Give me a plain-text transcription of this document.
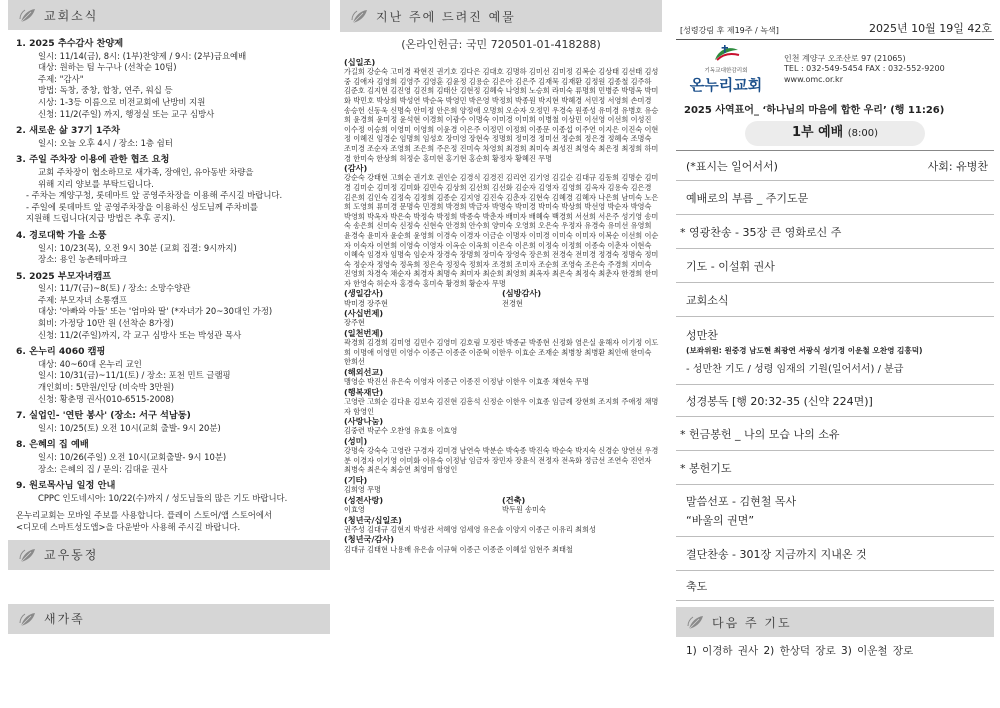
교회소식
1. 2025 추수감사 찬양제
일시: 11/14(금), 8시: (1부)찬양제 / 9시: (2부)금요예배
대상: 원하는 팀 누구나 (선착순 10팀)
주제: "감사"
방법: 독창, 중창, 합창, 연주, 워십 등
시상: 1-3등 이름으로 비전교회에 난방비 지원
신청: 11/2(주일) 까지, 행정실 또는 교구 심방사
2. 새로운 삶 37기 1주차
일시: 오늘 오후 4시 / 장소: 1층 쉼터
3. 주일 주차장 이용에 관한 협조 요청
교회 주차장이 협소하므로 새가족, 장애인, 유아동반 차량을
위해 지리 양보를 부탁드립니다.
- 주차는 계양구청, 롯데마트 앞 공영주차장을 이용해 주시길 바랍니다.
- 주일에 롯데마트 앞 공영주차장을 이용하신 성도님께 주차비를
지원해 드립니다(지급 방법은 추후 공지).
4. 경로대학 가을 소풍
일시: 10/23(목), 오전 9시 30분 (교회 집결: 9시까지)
장소: 용인 농촌테마파크
5. 2025 부모자녀캠프
일시: 11/7(금)~8(토) / 장소: 소망수양관
주제: 부모자녀 소통캠프
대상: '아빠와 아들' 또는 '엄마와 딸' (*자녀가 20~30대인 가정)
회비: 가정당 10만 원 (선착순 8가정)
신청: 11/2(주일)까지, 각 교구 심방사 또는 박성관 목사
6. 온누리 4060 캠핑
대상: 40~60대 온누리 교인
일시: 10/31(금)~11/1(토) / 장소: 포천 민트 글램핑
개인회비: 5만원/인당 (비숙박 3만원)
신청: 황춘명 권사(010-6515-2008)
7. 실업인- '연탄 봉사' (장소: 서구 석남동)
일시: 10/25(토) 오전 10시(교회 출발- 9시 20분)
8. 은혜의 집 예배
일시: 10/26(주일) 오전 10시(교회출발- 9시 10분)
장소: 은혜의 집 / 문의: 김대윤 권사
9. 원로목사님 일정 안내
CPPC 인도네시아: 10/22(수)까지 / 성도님들의 많은 기도 바랍니다.
온누리교회는 모바일 주보를 사용합니다. 플레이 스토어/앱 스토어에서
<디모데 스마트성도앱>을 다운받아 사용해 주시길 바랍니다.
교우동정
새가족
지난 주에 드려진 예물
(온라인헌금: 국민 720501-01-418288)
(십일조)
가길희 강순숙 고미경 곽현진 권기호 김다은 김대호 김명하 김미선 김미정 김복순 김상태 김선태 김성중 김애자 김영희 김영주 김영훈 김윤정 김용순 김은아 김은주 김재묵 김재환 김정원 김종철 김주하 김준호 김지현 김진영 김진희 김태산 김현정 김혜숙 나영희 노승희 라미숙 류명희 민병준 박명옥 박미화 박민호 박상희 박성연 박순옥 박영민 박은영 박정희 박종원 박지현 박혜경 서민정 서영희 손미경 송승헌 신동욱 신명숙 안미정 안은희 양정애 오명희 오순자 오정민 우경숙 원종성 유미경 유병호 유승희 윤경희 윤미정 윤석현 이경희 이광수 이명숙 이미경 이미희 이병철 이상민 이선영 이선희 이성진 이수정 이승희 이영미 이영희 이윤경 이은주 이정민 이정희 이종문 이종섭 이주연 이지은 이진숙 이현정 이혜진 임경순 임명희 임성호 장미영 장현숙 정명희 정미경 정미선 정순희 정은경 정혜숙 조명숙 조미경 조순자 조영희 조은희 주은정 진미숙 차영희 최경희 최미숙 최성진 최영숙 최은정 최정희 하미경 한미숙 한상희 허정순 홍미현 홍기현 홍순희 황정자 황혜진 무명
(감사)
강순숙 강태현 고희순 권기호 권인순 김경식 김경진 김리연 김기영 김길순 김대규 김동희 김명순 김미경 김미순 김미정 김미화 김민숙 김상희 김선희 김선화 김순자 김영자 김영희 김옥자 김용숙 김은경 김은희 김인숙 김정숙 김정희 김종순 김지영 김진숙 김춘자 김현숙 김혜경 김혜자 나은희 남미숙 노은희 도영희 류미경 문명숙 민경희 박경희 박금자 박명숙 박미경 박미숙 박상희 박선영 박순자 박영숙 박영희 박옥자 박은숙 박정숙 박정희 박종숙 박춘자 배미자 배혜숙 백경희 서선희 서은주 성기영 송미숙 송은희 신미숙 신정숙 신현숙 안경희 안수희 양미숙 오영희 오은숙 우정자 유경숙 유미선 유영희 윤경숙 윤미자 윤순희 윤영희 이경숙 이경자 이금순 이명자 이미경 이미숙 이미자 이복순 이선희 이순자 이숙자 이연희 이영숙 이영자 이옥순 이옥희 이은숙 이은희 이정숙 이정희 이종숙 이춘자 이현숙 이혜숙 임경자 임명숙 임순자 장경숙 장명희 장미숙 장영숙 장은희 전경숙 전미경 정경숙 정명숙 정미숙 정순자 정영숙 정옥희 정은숙 정정숙 정희자 조경희 조미자 조순희 조영숙 조은숙 주경희 지미숙 진영희 차경숙 채순자 최경자 최명숙 최미자 최순희 최영희 최옥자 최은숙 최정숙 최춘자 한경희 한미자 한영숙 허순자 홍경숙 홍미숙 황경희 황순자 무명
(생일감사)
박미경 장주현
(심방감사)
전경현
(사십번제)
장주현
(일천번제)
곽경희 김경희 김미영 김민수 김영미 김호림 모정란 박종균 박종현 신정화 염은실 윤해자 이기정 이도희 이명애 이영민 이영수 이종근 이종준 이준혁 이한우 이효순 조재순 최병창 최병환 최인애 한미숙 한희선
(해외선교)
맹영순 박진선 유은숙 이영자 이종근 이종진 이정남 이한우 이효종 채현숙 무명
(행복재단)
고영란 고희순 김다윤 김보숙 김진현 김흥석 신정순 이한우 이효종 임금례 장현희 조지희 주애정 채명자 함영인
(사랑나눔)
김중련 박군수 오찬영 유효용 이효영
(성미)
강명숙 강숙숙 고영란 구경자 김미경 남연숙 박분순 박숙종 박진숙 박순숙 박지숙 신경순 양연선 우경분 이경자 이기영 이미화 이유숙 이정남 임금자 장민자 장윤식 전정자 전옥화 정금선 조연숙 진연자 최병숙 최은숙 최승연 최영미 함영인
(기타)
김희영 무명
(성전사랑)
이효영
(건축)
박두원 송미숙
(청년국/십일조)
권주성 김대규 김현지 박성관 서혜영 엄세영 유은솔 이양지 이종근 이유리 최희성
(청년국/감사)
김대규 김태현 나용배 유은솔 이규혁 이종근 이종준 이혜설 임현주 최태철
[성령강림 후 제19주 / 녹색]	2025년 10월 19일 42호
기독교대한감리회
온누리교회
인천 계양구 오조산로 97 (21065)
TEL : 032-549-5454 FAX : 032-552-9200
www.omc.or.kr
2025 사역표어_ ‘하나님의 마음에 합한 우리’ (행 11:26)
1부 예배 (8:00)
(*표시는 일어서서)	사회: 유병찬
예배로의 부름 _ 주기도문
* 영광찬송 - 35장 큰 영화로신 주
기도 - 이설휘 권사
교회소식
성만찬
(보좌위원: 원중경 남도현 최광연 서광식 성기정 이운철 오찬영 김흥덕)
- 성만찬 기도 / 성령 임재의 기원(일어서서) / 분급
성경봉독 [행 20:32-35 (신약 224면)]
* 헌금봉헌 _ 나의 모습 나의 소유
* 봉헌기도
말씀선포 - 김현철 목사
“바울의 권면”
결단찬송 - 301장 지금까지 지내온 것
축도
다음 주 기도
1) 이경하 권사 2) 한상덕 장로 3) 이운철 장로
